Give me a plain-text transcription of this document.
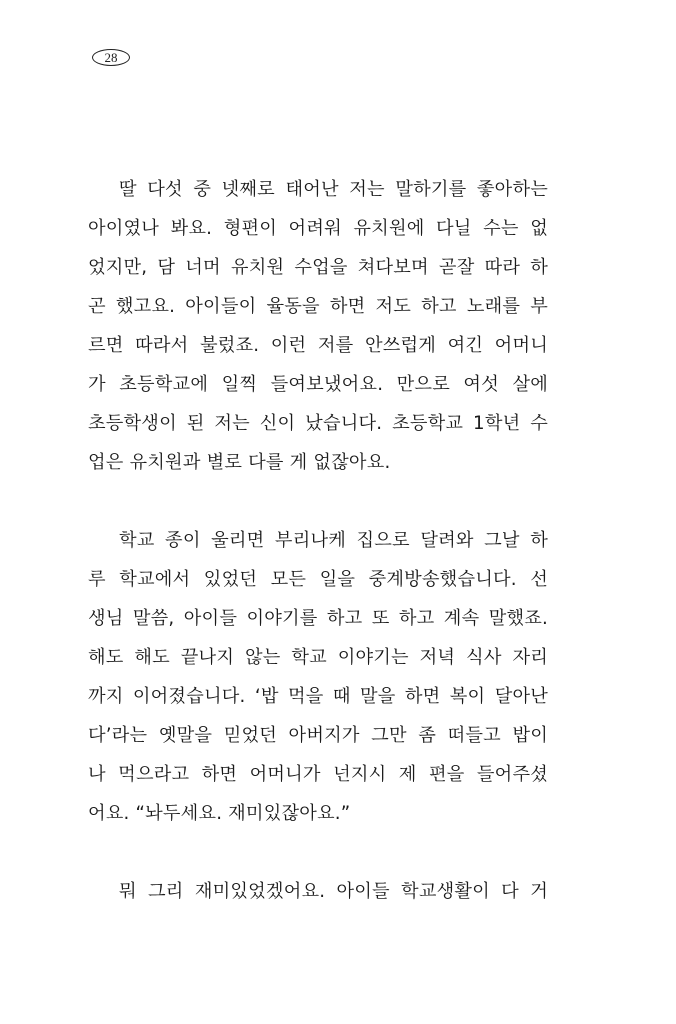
28
딸 다섯 중 넷째로 태어난 저는 말하기를 좋아하는
아이였나 봐요. 형편이 어려워 유치원에 다닐 수는 없
었지만, 담 너머 유치원 수업을 쳐다보며 곧잘 따라 하
곤 했고요. 아이들이 율동을 하면 저도 하고 노래를 부
르면 따라서 불렀죠. 이런 저를 안쓰럽게 여긴 어머니
가 초등학교에 일찍 들여보냈어요. 만으로 여섯 살에
초등학생이 된 저는 신이 났습니다. 초등학교 1학년 수
업은 유치원과 별로 다를 게 없잖아요.
학교 종이 울리면 부리나케 집으로 달려와 그날 하
루 학교에서 있었던 모든 일을 중계방송했습니다. 선
생님 말씀, 아이들 이야기를 하고 또 하고 계속 말했죠.
해도 해도 끝나지 않는 학교 이야기는 저녁 식사 자리
까지 이어졌습니다. ‘밥 먹을 때 말을 하면 복이 달아난
다’라는 옛말을 믿었던 아버지가 그만 좀 떠들고 밥이
나 먹으라고 하면 어머니가 넌지시 제 편을 들어주셨
어요. “놔두세요. 재미있잖아요.”
뭐 그리 재미있었겠어요. 아이들 학교생활이 다 거
